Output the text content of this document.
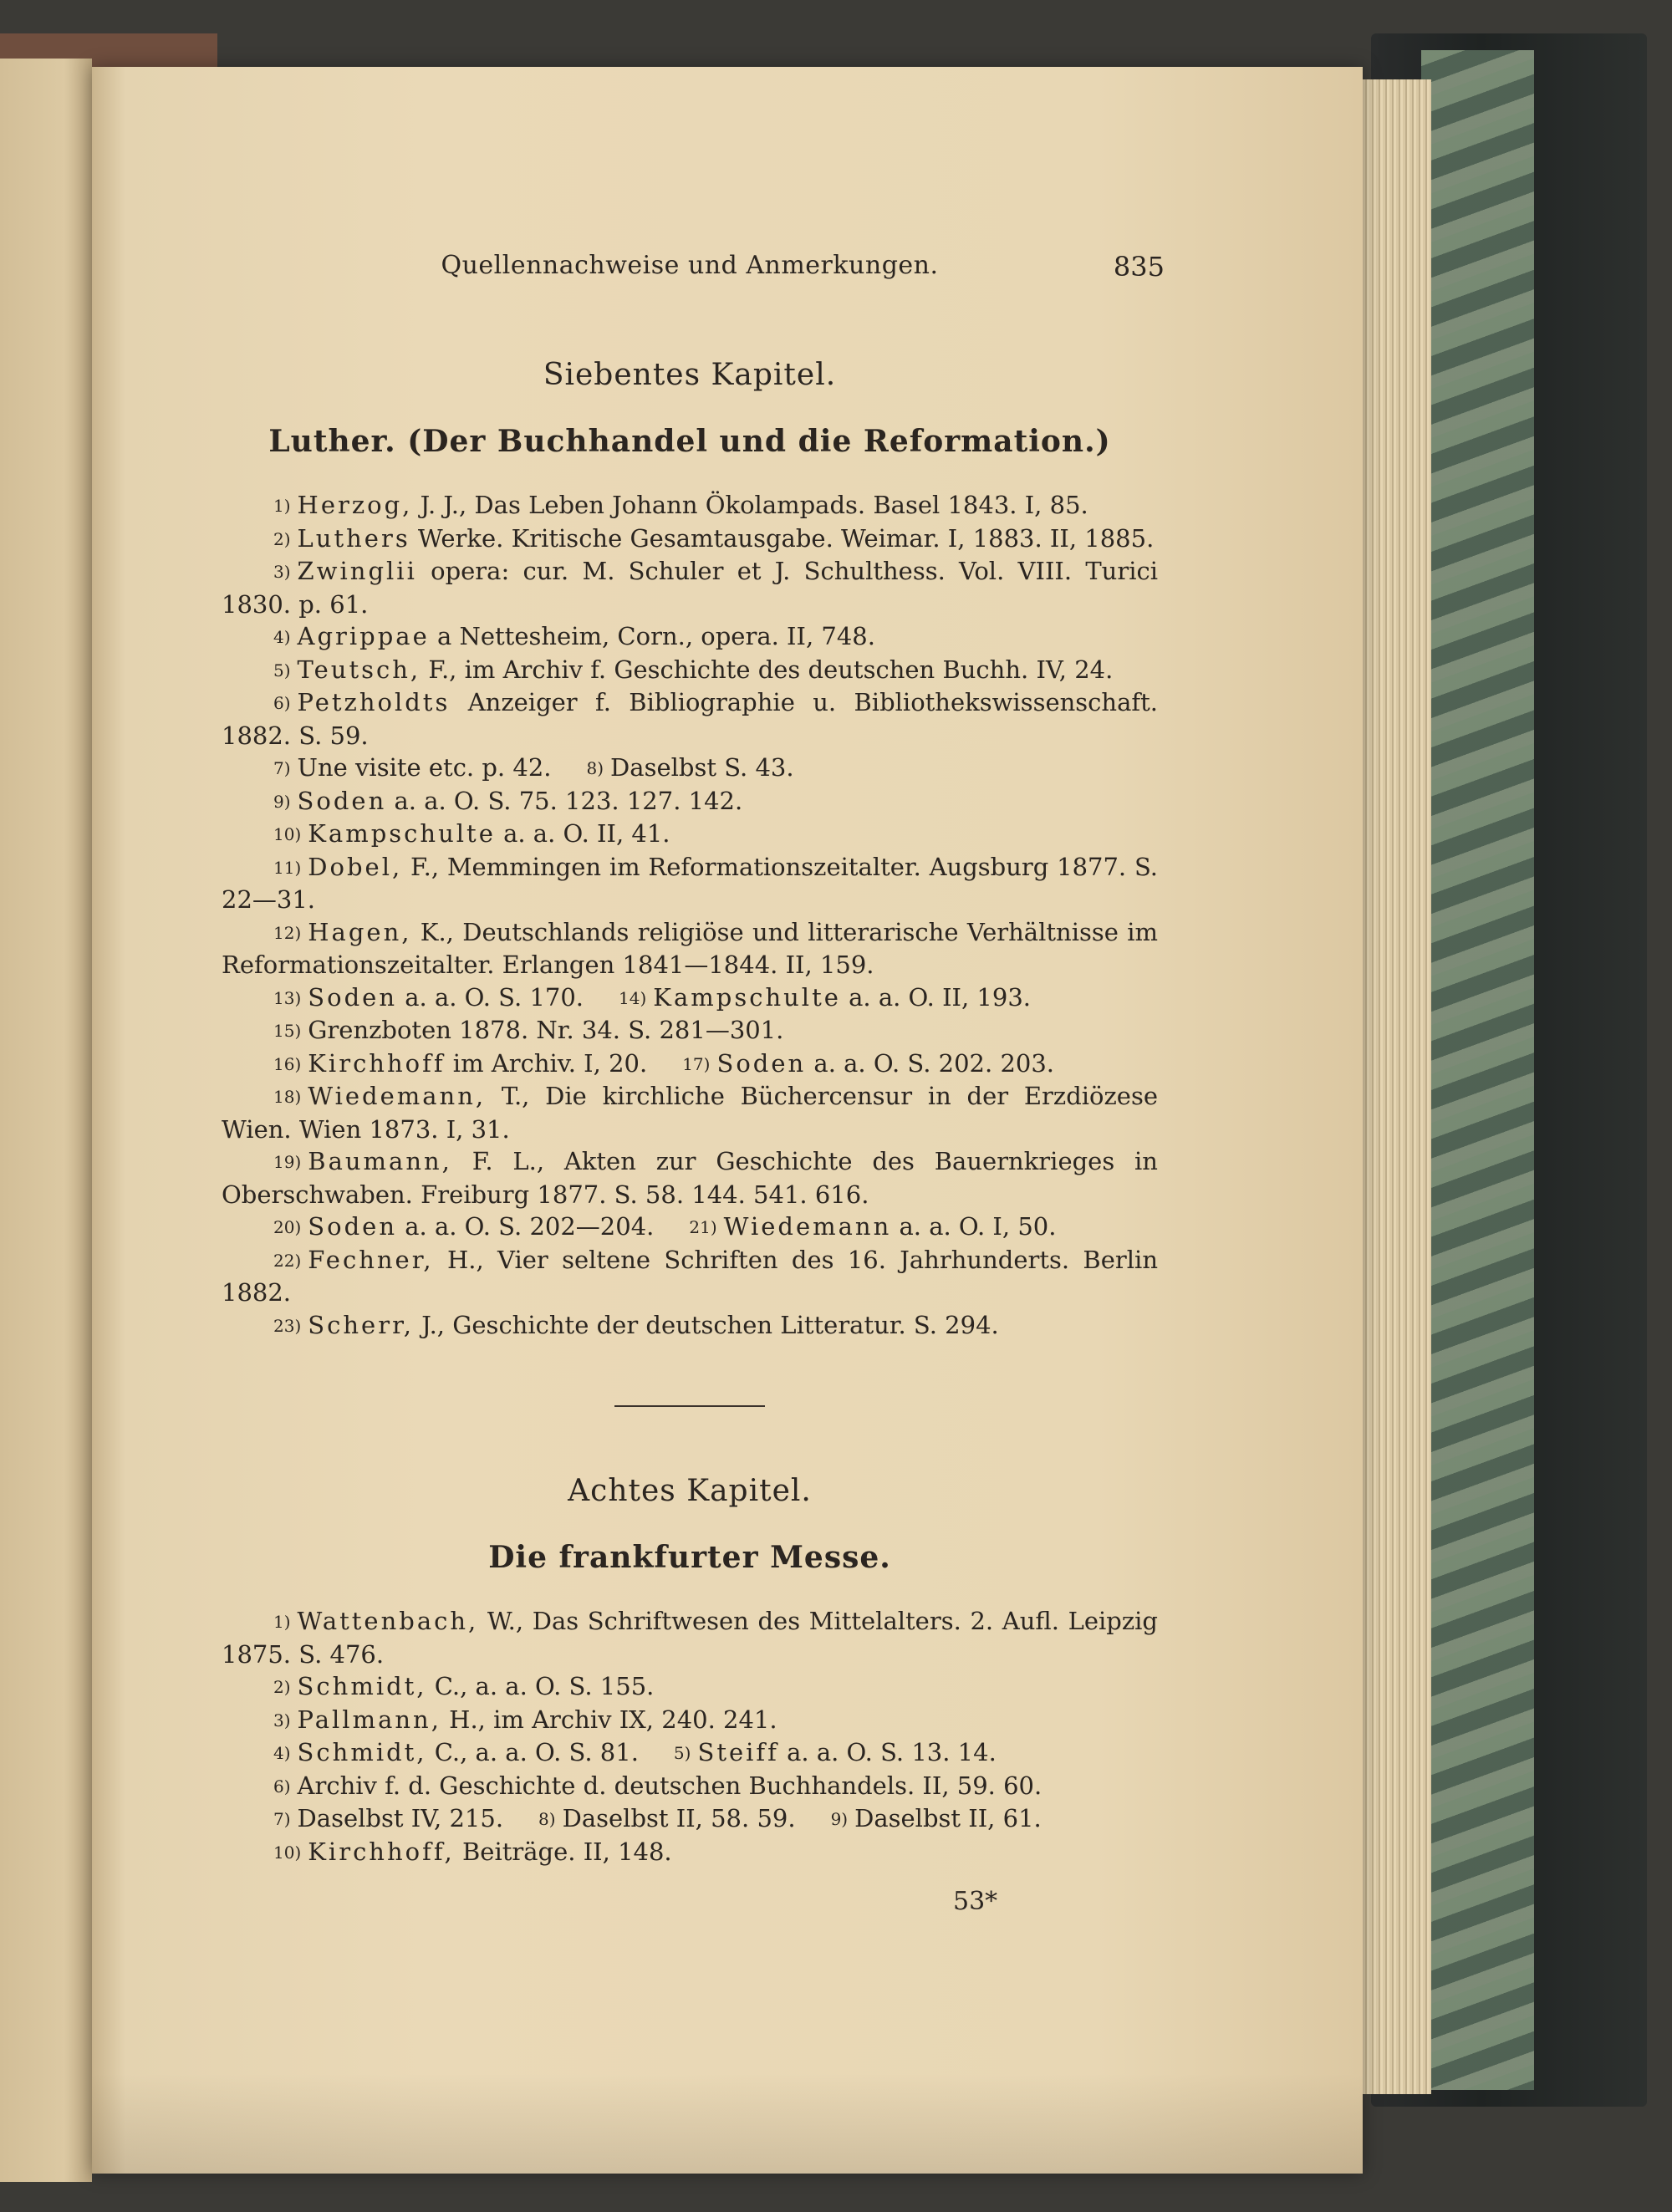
Quellennachweise und Anmerkungen.	835
Siebentes Kapitel.
Luther. (Der Buchhandel und die Reformation.)
1) Herzog, J. J., Das Leben Johann Ökolampads. Basel 1843. I, 85.
2) Luthers Werke. Kritische Gesamtausgabe. Weimar. I, 1883. II, 1885.
3) Zwinglii opera: cur. M. Schuler et J. Schulthess. Vol. VIII. Turici 1830. p. 61.
4) Agrippae a Nettesheim, Corn., opera. II, 748.
5) Teutsch, F., im Archiv f. Geschichte des deutschen Buchh. IV, 24.
6) Petzholdts Anzeiger f. Bibliographie u. Bibliothekswissenschaft. 1882. S. 59.
7) Une visite etc. p. 42. 8) Daselbst S. 43.
9) Soden a. a. O. S. 75. 123. 127. 142.
10) Kampschulte a. a. O. II, 41.
11) Dobel, F., Memmingen im Reformationszeitalter. Augsburg 1877. S. 22—31.
12) Hagen, K., Deutschlands religiöse und litterarische Verhältnisse im Reformationszeitalter. Erlangen 1841—1844. II, 159.
13) Soden a. a. O. S. 170. 14) Kampschulte a. a. O. II, 193.
15) Grenzboten 1878. Nr. 34. S. 281—301.
16) Kirchhoff im Archiv. I, 20. 17) Soden a. a. O. S. 202. 203.
18) Wiedemann, T., Die kirchliche Büchercensur in der Erzdiözese Wien. Wien 1873. I, 31.
19) Baumann, F. L., Akten zur Geschichte des Bauernkrieges in Oberschwaben. Freiburg 1877. S. 58. 144. 541. 616.
20) Soden a. a. O. S. 202—204. 21) Wiedemann a. a. O. I, 50.
22) Fechner, H., Vier seltene Schriften des 16. Jahrhunderts. Berlin 1882.
23) Scherr, J., Geschichte der deutschen Litteratur. S. 294.
Achtes Kapitel.
Die frankfurter Messe.
1) Wattenbach, W., Das Schriftwesen des Mittelalters. 2. Aufl. Leipzig 1875. S. 476.
2) Schmidt, C., a. a. O. S. 155.
3) Pallmann, H., im Archiv IX, 240. 241.
4) Schmidt, C., a. a. O. S. 81. 5) Steiff a. a. O. S. 13. 14.
6) Archiv f. d. Geschichte d. deutschen Buchhandels. II, 59. 60.
7) Daselbst IV, 215. 8) Daselbst II, 58. 59. 9) Daselbst II, 61.
10) Kirchhoff, Beiträge. II, 148.
53*
